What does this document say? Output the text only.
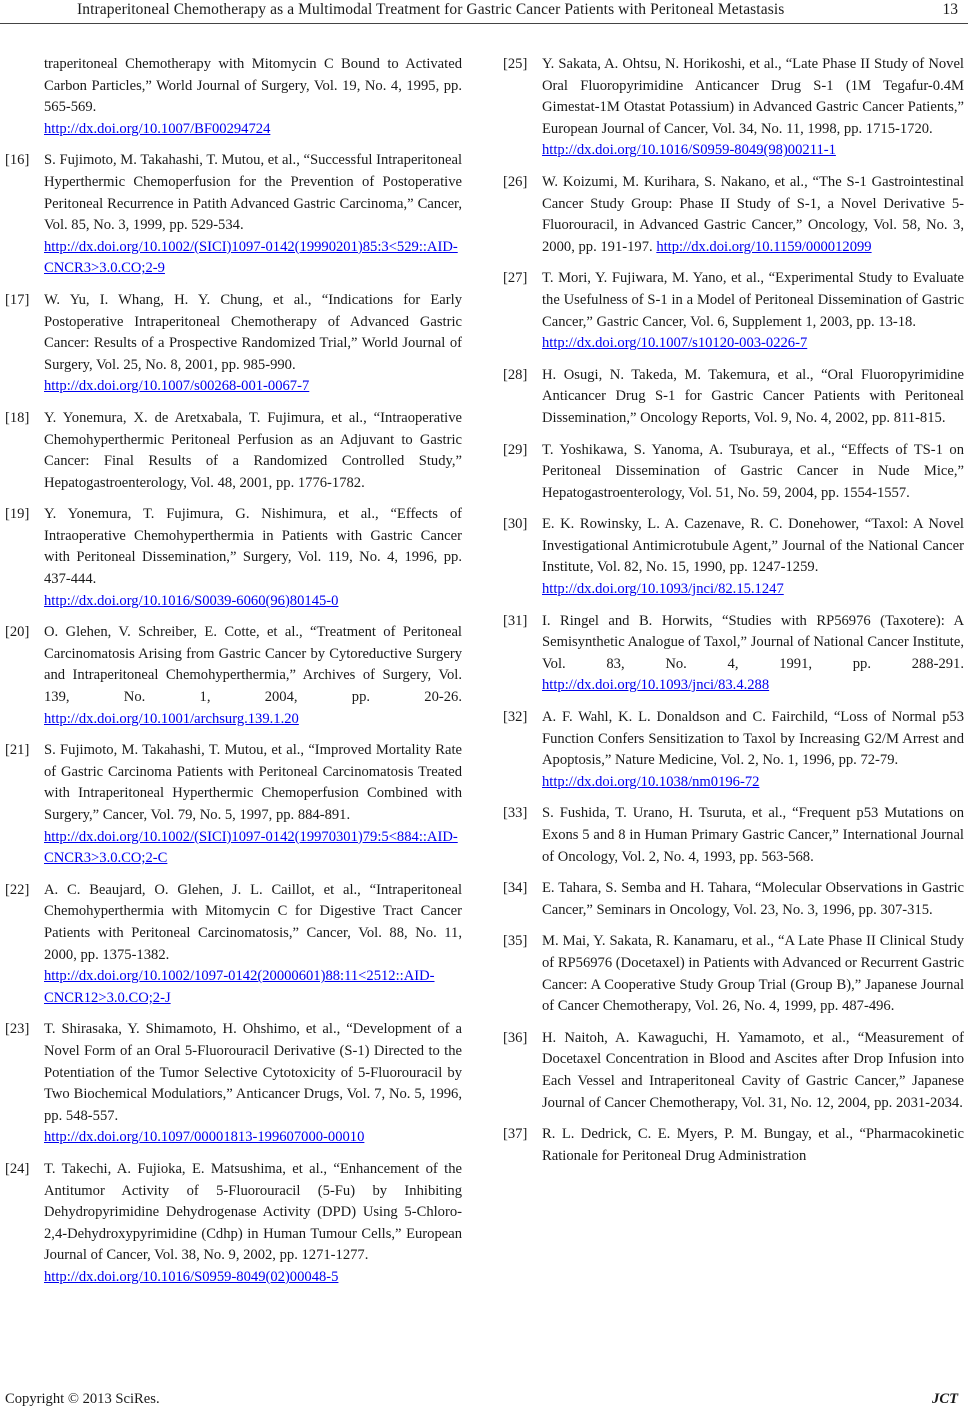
Intraperitoneal Chemotherapy as a Multimodal Treatment for Gastric Cancer Patients with Peritoneal Metastasis	13
traperitoneal Chemotherapy with Mitomycin C Bound to Activated Carbon Particles,” World Journal of Surgery, Vol. 19, No. 4, 1995, pp. 565-569.
http://dx.doi.org/10.1007/BF00294724
[16] S. Fujimoto, M. Takahashi, T. Mutou, et al., “Successful Intraperitoneal Hyperthermic Chemoperfusion for the Prevention of Postoperative Peritoneal Recurrence in Patith Advanced Gastric Carcinoma,” Cancer, Vol. 85, No. 3, 1999, pp. 529-534.
http://dx.doi.org/10.1002/(SICI)1097-0142(19990201)85:3<529::AID-CNCR3>3.0.CO;2-9
[17] W. Yu, I. Whang, H. Y. Chung, et al., “Indications for Early Postoperative Intraperitoneal Chemotherapy of Advanced Gastric Cancer: Results of a Prospective Randomized Trial,” World Journal of Surgery, Vol. 25, No. 8, 2001, pp. 985-990.
http://dx.doi.org/10.1007/s00268-001-0067-7
[18] Y. Yonemura, X. de Aretxabala, T. Fujimura, et al., “Intraoperative Chemohyperthermic Peritoneal Perfusion as an Adjuvant to Gastric Cancer: Final Results of a Randomized Controlled Study,” Hepatogastroenterology, Vol. 48, 2001, pp. 1776-1782.
[19] Y. Yonemura, T. Fujimura, G. Nishimura, et al., “Effects of Intraoperative Chemohyperthermia in Patients with Gastric Cancer with Peritoneal Dissemination,” Surgery, Vol. 119, No. 4, 1996, pp. 437-444.
http://dx.doi.org/10.1016/S0039-6060(96)80145-0
[20] O. Glehen, V. Schreiber, E. Cotte, et al., “Treatment of Peritoneal Carcinomatosis Arising from Gastric Cancer by Cytoreductive Surgery and Intraperitoneal Chemohyperthermia,” Archives of Surgery, Vol. 139, No. 1, 2004, pp. 20-26. http://dx.doi.org/10.1001/archsurg.139.1.20
[21] S. Fujimoto, M. Takahashi, T. Mutou, et al., “Improved Mortality Rate of Gastric Carcinoma Patients with Peritoneal Carcinomatosis Treated with Intraperitoneal Hyperthermic Chemoperfusion Combined with Surgery,” Cancer, Vol. 79, No. 5, 1997, pp. 884-891.
http://dx.doi.org/10.1002/(SICI)1097-0142(19970301)79:5<884::AID-CNCR3>3.0.CO;2-C
[22] A. C. Beaujard, O. Glehen, J. L. Caillot, et al., “Intraperitoneal Chemohyperthermia with Mitomycin C for Digestive Tract Cancer Patients with Peritoneal Carcinomatosis,” Cancer, Vol. 88, No. 11, 2000, pp. 1375-1382.
http://dx.doi.org/10.1002/1097-0142(20000601)88:11<2512::AID-CNCR12>3.0.CO;2-J
[23] T. Shirasaka, Y. Shimamoto, H. Ohshimo, et al., “Development of a Novel Form of an Oral 5-Fluorouracil Derivative (S-1) Directed to the Potentiation of the Tumor Selective Cytotoxicity of 5-Fluorouracil by Two Biochemical Modulatiors,” Anticancer Drugs, Vol. 7, No. 5, 1996, pp. 548-557.
http://dx.doi.org/10.1097/00001813-199607000-00010
[24] T. Takechi, A. Fujioka, E. Matsushima, et al., “Enhancement of the Antitumor Activity of 5-Fluorouracil (5-Fu) by Inhibiting Dehydropyrimidine Dehydrogenase Activity (DPD) Using 5-Chloro-2,4-Dehydroxypyrimidine (Cdhp) in Human Tumour Cells,” European Journal of Cancer, Vol. 38, No. 9, 2002, pp. 1271-1277.
http://dx.doi.org/10.1016/S0959-8049(02)00048-5
[25] Y. Sakata, A. Ohtsu, N. Horikoshi, et al., “Late Phase II Study of Novel Oral Fluoropyrimidine Anticancer Drug S-1 (1M Tegafur-0.4M Gimestat-1M Otastat Potassium) in Advanced Gastric Cancer Patients,” European Journal of Cancer, Vol. 34, No. 11, 1998, pp. 1715-1720.
http://dx.doi.org/10.1016/S0959-8049(98)00211-1
[26] W. Koizumi, M. Kurihara, S. Nakano, et al., “The S-1 Gastrointestinal Cancer Study Group: Phase II Study of S-1, a Novel Derivative 5-Fluorouracil, in Advanced Gastric Cancer,” Oncology, Vol. 58, No. 3, 2000, pp. 191-197. http://dx.doi.org/10.1159/000012099
[27] T. Mori, Y. Fujiwara, M. Yano, et al., “Experimental Study to Evaluate the Usefulness of S-1 in a Model of Peritoneal Dissemination of Gastric Cancer,” Gastric Cancer, Vol. 6, Supplement 1, 2003, pp. 13-18.
http://dx.doi.org/10.1007/s10120-003-0226-7
[28] H. Osugi, N. Takeda, M. Takemura, et al., “Oral Fluoropyrimidine Anticancer Drug S-1 for Gastric Cancer Patients with Peritoneal Dissemination,” Oncology Reports, Vol. 9, No. 4, 2002, pp. 811-815.
[29] T. Yoshikawa, S. Yanoma, A. Tsuburaya, et al., “Effects of TS-1 on Peritoneal Dissemination of Gastric Cancer in Nude Mice,” Hepatogastroenterology, Vol. 51, No. 59, 2004, pp. 1554-1557.
[30] E. K. Rowinsky, L. A. Cazenave, R. C. Donehower, “Taxol: A Novel Investigational Antimicrotubule Agent,” Journal of the National Cancer Institute, Vol. 82, No. 15, 1990, pp. 1247-1259.
http://dx.doi.org/10.1093/jnci/82.15.1247
[31] I. Ringel and B. Horwits, “Studies with RP56976 (Taxotere): A Semisynthetic Analogue of Taxol,” Journal of National Cancer Institute, Vol. 83, No. 4, 1991, pp. 288-291. http://dx.doi.org/10.1093/jnci/83.4.288
[32] A. F. Wahl, K. L. Donaldson and C. Fairchild, “Loss of Normal p53 Function Confers Sensitization to Taxol by Increasing G2/M Arrest and Apoptosis,” Nature Medicine, Vol. 2, No. 1, 1996, pp. 72-79.
http://dx.doi.org/10.1038/nm0196-72
[33] S. Fushida, T. Urano, H. Tsuruta, et al., “Frequent p53 Mutations on Exons 5 and 8 in Human Primary Gastric Cancer,” International Journal of Oncology, Vol. 2, No. 4, 1993, pp. 563-568.
[34] E. Tahara, S. Semba and H. Tahara, “Molecular Observations in Gastric Cancer,” Seminars in Oncology, Vol. 23, No. 3, 1996, pp. 307-315.
[35] M. Mai, Y. Sakata, R. Kanamaru, et al., “A Late Phase II Clinical Study of RP56976 (Docetaxel) in Patients with Advanced or Recurrent Gastric Cancer: A Cooperative Study Group Trial (Group B),” Japanese Journal of Cancer Chemotherapy, Vol. 26, No. 4, 1999, pp. 487-496.
[36] H. Naitoh, A. Kawaguchi, H. Yamamoto, et al., “Measurement of Docetaxel Concentration in Blood and Ascites after Drop Infusion into Each Vessel and Intraperitoneal Cavity of Gastric Cancer,” Japanese Journal of Cancer Chemotherapy, Vol. 31, No. 12, 2004, pp. 2031-2034.
[37] R. L. Dedrick, C. E. Myers, P. M. Bungay, et al., “Pharmacokinetic Rationale for Peritoneal Drug Administration
Copyright © 2013 SciRes.	JCT
